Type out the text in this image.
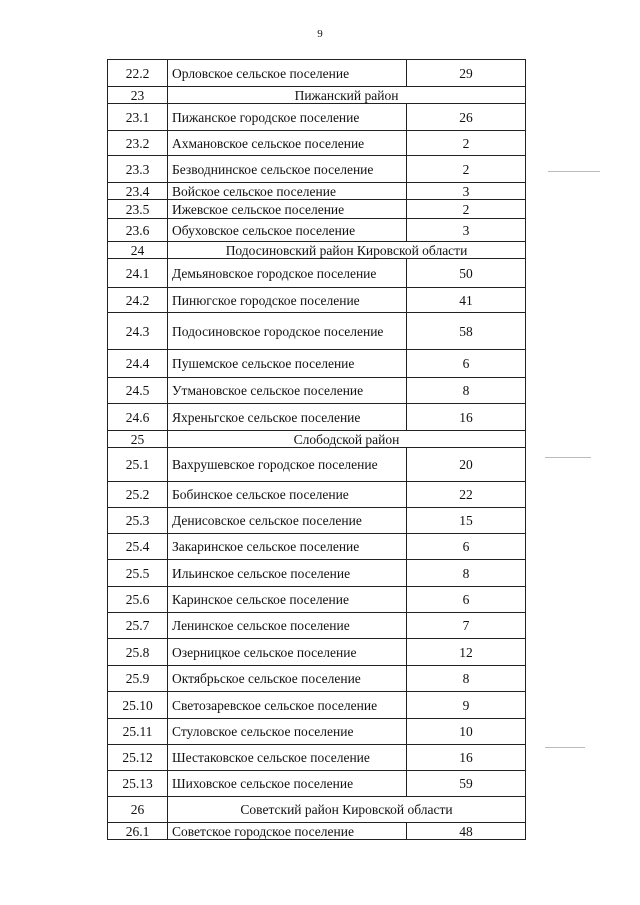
9
22.2	Орловское сельское поселение	29
23	Пижанский район	
23.1	Пижанское городское поселение	26
23.2	Ахмановское сельское поселение	2
23.3	Безводнинское сельское поселение	2
23.4	Войское сельское поселение	3
23.5	Ижевское сельское поселение	2
23.6	Обуховское сельское поселение	3
24	Подосиновский район Кировской области	
24.1	Демьяновское городское поселение	50
24.2	Пинюгское городское поселение	41
24.3	Подосиновское городское поселение	58
24.4	Пушемское сельское поселение	6
24.5	Утмановское сельское поселение	8
24.6	Яхреньгское сельское поселение	16
25	Слободской район	
25.1	Вахрушевское городское поселение	20
25.2	Бобинское сельское поселение	22
25.3	Денисовское сельское поселение	15
25.4	Закаринское сельское поселение	6
25.5	Ильинское сельское поселение	8
25.6	Каринское сельское поселение	6
25.7	Ленинское сельское поселение	7
25.8	Озерницкое сельское поселение	12
25.9	Октябрьское сельское поселение	8
25.10	Светозаревское сельское поселение	9
25.11	Стуловское сельское поселение	10
25.12	Шестаковское сельское поселение	16
25.13	Шиховское сельское поселение	59
26	Советский район Кировской области	
26.1	Советское городское поселение	48
